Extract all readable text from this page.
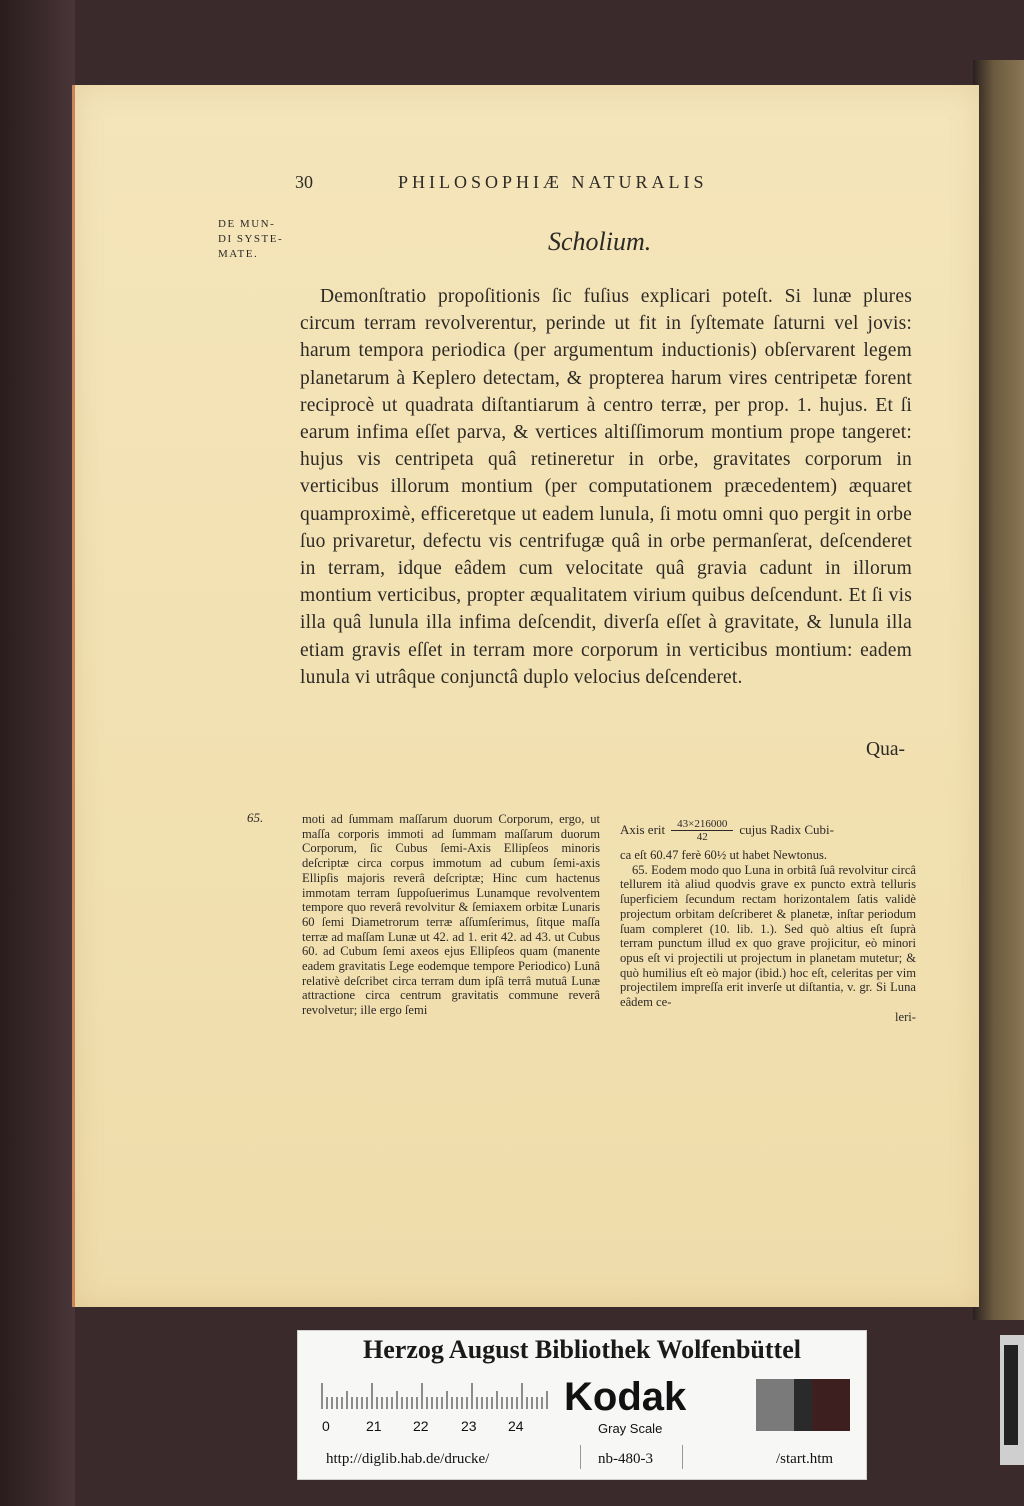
30	PHILOSOPHIÆ NATURALIS
DE MUN-
DI SYSTE-
MATE.	Scholium.

Demonſtratio propoſitionis ſic fuſius explicari poteſt. Si lunæ plures circum terram revolverentur, perinde ut fit in ſyſtemate ſaturni vel jovis: harum tempora periodica (per argumentum inductionis) obſervarent legem planetarum à Keplero detectam, & propterea harum vires centripetæ forent reciprocè ut quadrata diſtantiarum à centro terræ, per prop. 1. hujus. Et ſi earum infima eſſet parva, & vertices altiſſimorum montium prope tangeret: hujus vis centripeta quâ retineretur in orbe, gravitates corporum in verticibus illorum montium (per computationem præcedentem) æquaret quamproximè, efficeretque ut eadem lunula, ſi motu omni quo pergit in orbe ſuo privaretur, defectu vis centrifugæ quâ in orbe permanſerat, deſcenderet in terram, idque eâdem cum velocitate quâ gravia cadunt in illorum montium verticibus, propter æqualitatem virium quibus deſcendunt. Et ſi vis illa quâ lunula illa infima deſcendit, diverſa eſſet à gravitate, & lunula illa etiam gravis eſſet in terram more corporum in verticibus montium: eadem lunula vi utrâque conjunctâ duplo velocius deſcenderet.

Qua-
65.	moti ad ſummam maſſarum duorum Corporum, ergo, ut maſſa corporis immoti ad ſummam maſſarum duorum Corporum, ſic Cubus ſemi-Axis Ellipſeos minoris deſcriptæ circa corpus immotum ad cubum ſemi-axis Ellipſis majoris reverâ deſcriptæ; Hinc cum hactenus immotam terram ſuppoſuerimus Lunamque revolventem tempore quo reverâ revolvitur & ſemiaxem orbitæ Lunaris 60 ſemi Diametrorum terræ aſſumſerimus, ſitque maſſa terræ ad maſſam Lunæ ut 42. ad 1. erit 42. ad 43. ut Cubus 60. ad Cubum ſemi axeos ejus Ellipſeos quam (manente eadem gravitatis Lege eodemque tempore Periodico) Lunâ relativè deſcribet circa terram dum ipſâ terrâ mutuâ Lunæ attractione circa centrum gravitatis commune reverâ revolvetur; ille ergo ſemi

Axis erit $\frac{43\times 216000}{42}$ cujus Radix Cubi-

ca eſt 60.47 ferè 60½ ut habet Newtonus.

65. Eodem modo quo Luna in orbitâ ſuâ revolvitur circâ tellurem ità aliud quodvis grave ex puncto extrà telluris ſuperficiem ſecundum rectam horizontalem ſatis validè projectum orbitam deſcriberet & planetæ, inſtar periodum ſuam compleret (10. lib. 1.). Sed quò altius eſt ſuprà terram punctum illud ex quo grave projicitur, eò minori opus eſt vi projectili ut projectum in planetam mutetur; & quò humilius eſt eò major (ibid.) hoc eſt, celeritas per vim projectilem impreſſa erit inverſe ut diſtantia, v. gr. Si Luna eâdem ce-

leri-

Herzog August Bibliothek Wolfenbüttel
0	21 22 23 24
Kodak
Gray Scale
http://diglib.hab.de/drucke/	nb-480-3	/start.htm
